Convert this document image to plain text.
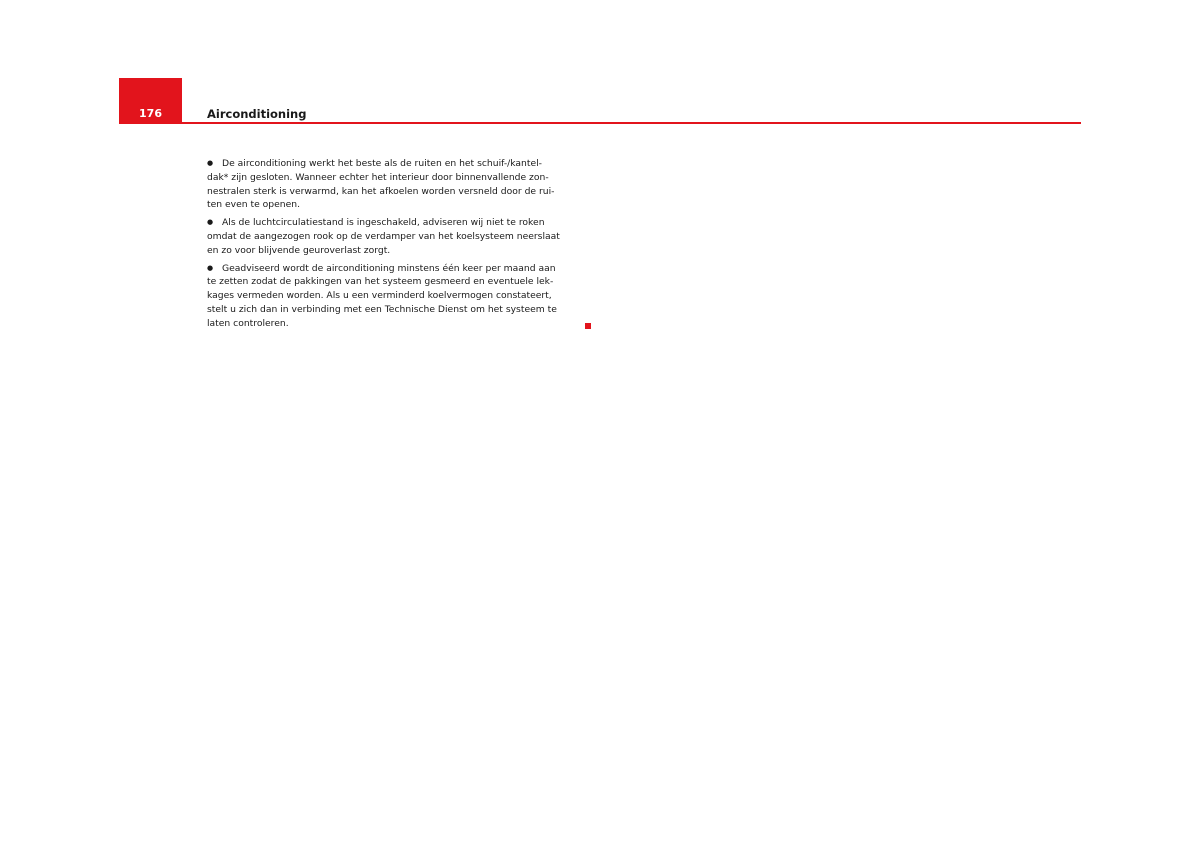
176	Airconditioning
● De airconditioning werkt het beste als de ruiten en het schuif-/kantel-
dak* zijn gesloten. Wanneer echter het interieur door binnenvallende zon-
nestralen sterk is verwarmd, kan het afkoelen worden versneld door de rui-
ten even te openen.
● Als de luchtcirculatiestand is ingeschakeld, adviseren wij niet te roken
omdat de aangezogen rook op de verdamper van het koelsysteem neerslaat
en zo voor blijvende geuroverlast zorgt.
● Geadviseerd wordt de airconditioning minstens één keer per maand aan
te zetten zodat de pakkingen van het systeem gesmeerd en eventuele lek-
kages vermeden worden. Als u een verminderd koelvermogen constateert,
stelt u zich dan in verbinding met een Technische Dienst om het systeem te
laten controleren.
